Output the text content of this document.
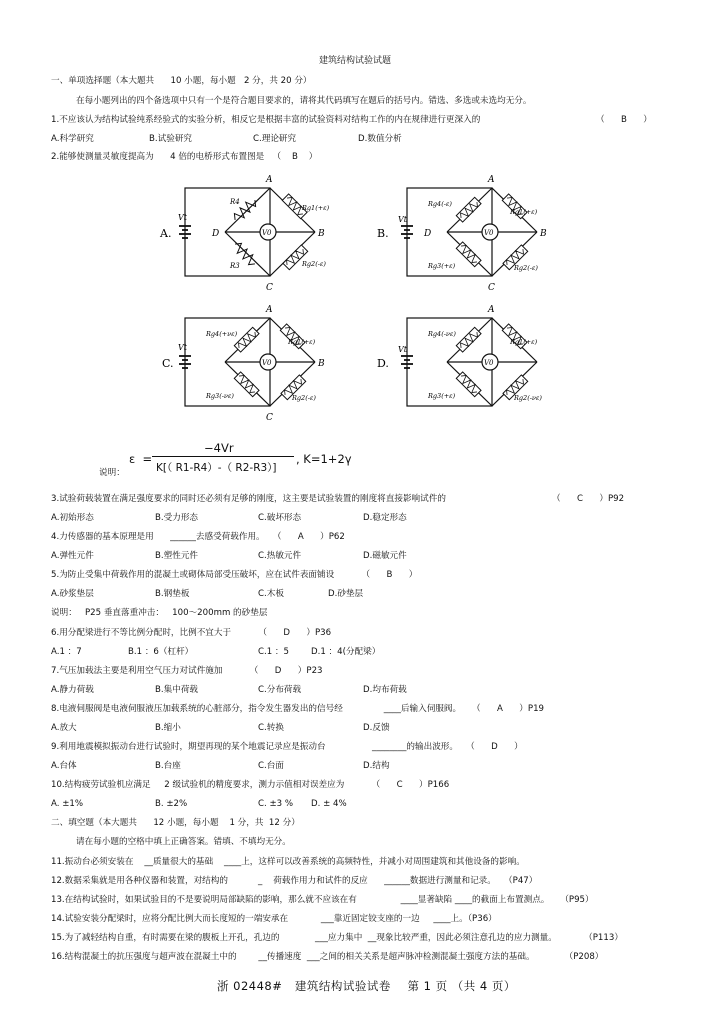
建筑结构试验试题
一、单项选择题（本大题共      10 小题，每小题   2 分，共 20 分）
在每小题列出的四个备选项中只有一个是符合题目要求的，请将其代码填写在题后的括号内。错选、多选或未选均无分。
1.不应该认为结构试验纯系经验式的实验分析，相反它是根据丰富的试验资料对结构工作的内在规律进行更深入的	（      B      ）
A.科学研究	B.试验研究	C.理论研究	D.数值分析
2.能够使测量灵敏度提高为      4 倍的电桥形式布置图是   （    B    ）
A.
Vt
V0
A
B
C
D
R4
R3
Rg1(+ε)
Rg2(-ε)
B.
Vt
V0
A
B
C
D
Rg4(-ε)
Rg1(+ε)
Rg3(+ε)	Rg2(-ε)
C.
Vt
V0
A
B
C
Rg4(+νε)
Rg1(+ε)
Rg3(-νε)	Rg2(-ε)
D.
Vt
V0
A
Rg4(-νε)
Rg1(+ε)
Rg3(+ε)	Rg2(-νε)
ε  =
−4Vr
K[（ R1-R4）-（ R2-R3）]
, K=1+2γ
说明：
3.试验荷载装置在满足强度要求的同时还必须有足够的刚度，这主要是试验装置的刚度将直接影响试件的	（      C      ）P92
A.初始形态	B.受力形态	C.破坏形态	D.稳定形态
4.力传感器的基本原理是用      ______去感受荷载作用。   （      A      ）P62
A.弹性元件	B.塑性元件	C.热敏元件	D.磁敏元件
5.为防止受集中荷载作用的混凝土或砌体局部受压破坏，应在试件表面铺设          （      B      ）
A.砂浆垫层	B.钢垫板	C.木板	D.砂垫层
说明：   P25 垂直落重冲击：   100～200mm 的砂垫层
6.用分配梁进行不等比例分配时，比例不宜大于          （      D      ）P36
A.1 ：7	B.1 ：6（杠杆）	C.1 ：5	D.1 ：4(分配梁）
7.气压加载法主要是利用空气压力对试件施加          （      D      ）P23
A.静力荷载	B.集中荷载	C.分布荷载	D.均布荷载
8.电液伺服阀是电液伺服液压加载系统的心脏部分，指令发生器发出的信号经               ____后输入伺服阀。    （      A      ）P19
A.放大	B.缩小	C.转换	D.反馈
9.利用地震模拟振动台进行试验时，期望再现的某个地震记录应是振动台                 ________的输出波形。   （      D      ）
A.台体	B.台座	C.台面	D.结构
10.结构疲劳试验机应满足     2 级试验机的精度要求，测力示值相对误差应为          （      C      ）P166
A. ±1%	B. ±2%	C. ±3 % D. ± 4%
二、填空题（本大题共      12 小题，每小题    1 分，共  12 分）
请在每小题的空格中填上正确答案。错填、不填均无分。
11.振动台必须安装在    __质量很大的基础    ____上，这样可以改善系统的高频特性，并减小对周围建筑和其他设备的影响。
12.数据采集就是用各种仪器和装置，对结构的           _    荷载作用力和试件的反应      ______数据进行测量和记录。   （P47）
13.在结构试验时，如果试验目的不是要说明局部缺陷的影响，那么就不应该在有                ____显著缺陷 ____的截面上布置测点。    （P95）
14.试验安装分配梁时，应将分配比例大而长度短的一端安承在            ___靠近固定铰支座的一边     ____上。（P36）
15.为了减轻结构自重，有时需要在梁的腹板上开孔，孔边的             ___应力集中  __现象比较严重，因此必须注意孔边的应力测量。          （P113）
16.结构混凝土的抗压强度与超声波在混凝土中的        __传播速度  ___之间的相关关系是超声脉冲检测混凝土强度方法的基础。           （P208）
浙 02448#   建筑结构试验试卷    第 1 页 （共 4 页）
